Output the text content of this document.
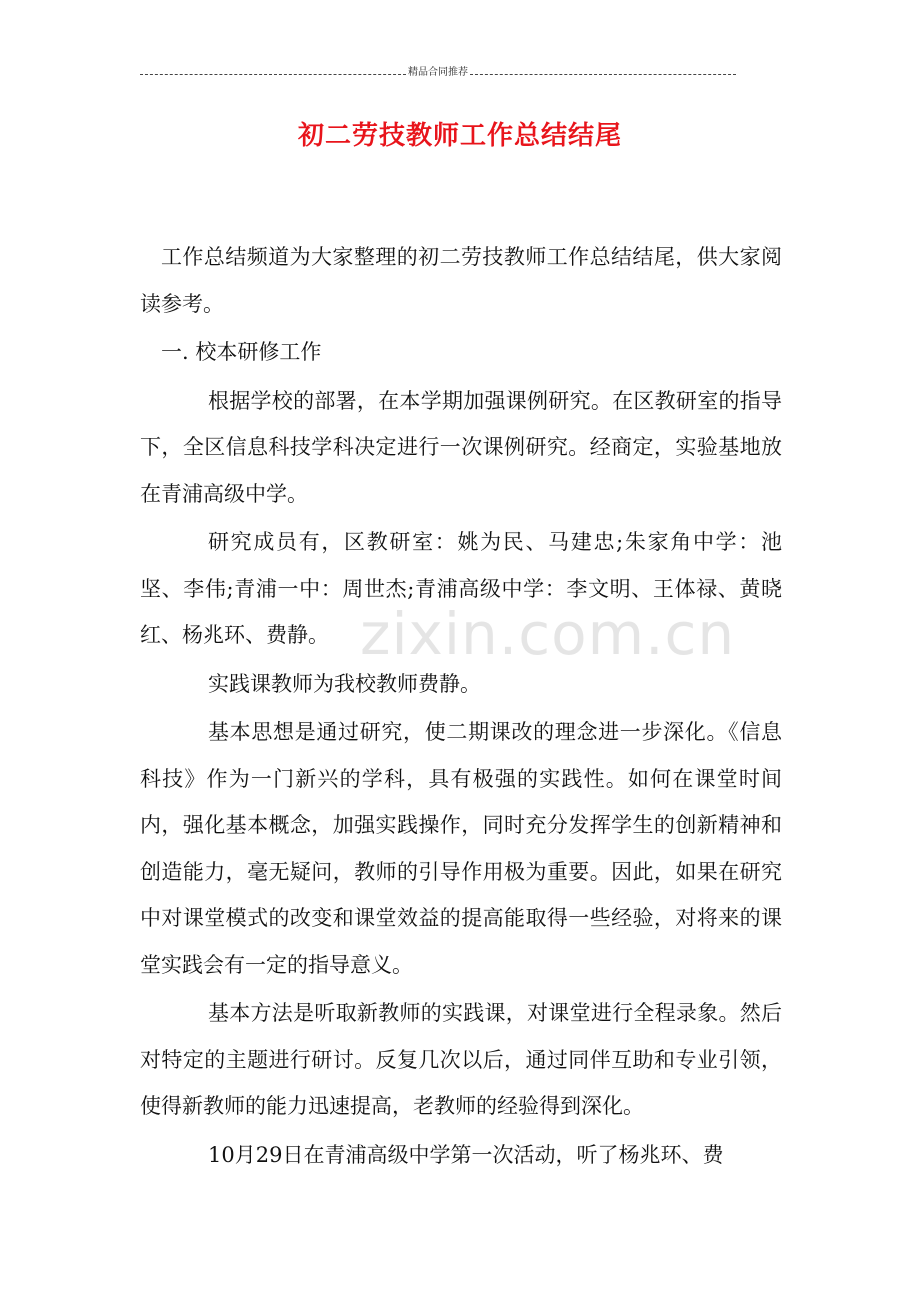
精品合同推荐
初二劳技教师工作总结结尾

工作总结频道为大家整理的初二劳技教师工作总结结尾，供大家阅读参考。

一. 校本研修工作

根据学校的部署，在本学期加强课例研究。在区教研室的指导下，全区信息科技学科决定进行一次课例研究。经商定，实验基地放在青浦高级中学。

研究成员有，区教研室：姚为民、马建忠;朱家角中学：池坚、李伟;青浦一中：周世杰;青浦高级中学：李文明、王体禄、黄晓红、杨兆环、费静。

实践课教师为我校教师费静。

基本思想是通过研究，使二期课改的理念进一步深化。《信息科技》作为一门新兴的学科，具有极强的实践性。如何在课堂时间内，强化基本概念，加强实践操作，同时充分发挥学生的创新精神和创造能力，毫无疑问，教师的引导作用极为重要。因此，如果在研究中对课堂模式的改变和课堂效益的提高能取得一些经验，对将来的课堂实践会有一定的指导意义。

基本方法是听取新教师的实践课，对课堂进行全程录象。然后对特定的主题进行研讨。反复几次以后，通过同伴互助和专业引领，使得新教师的能力迅速提高，老教师的经验得到深化。

10月29日在青浦高级中学第一次活动，听了杨兆环、费

zixin.com.cn
